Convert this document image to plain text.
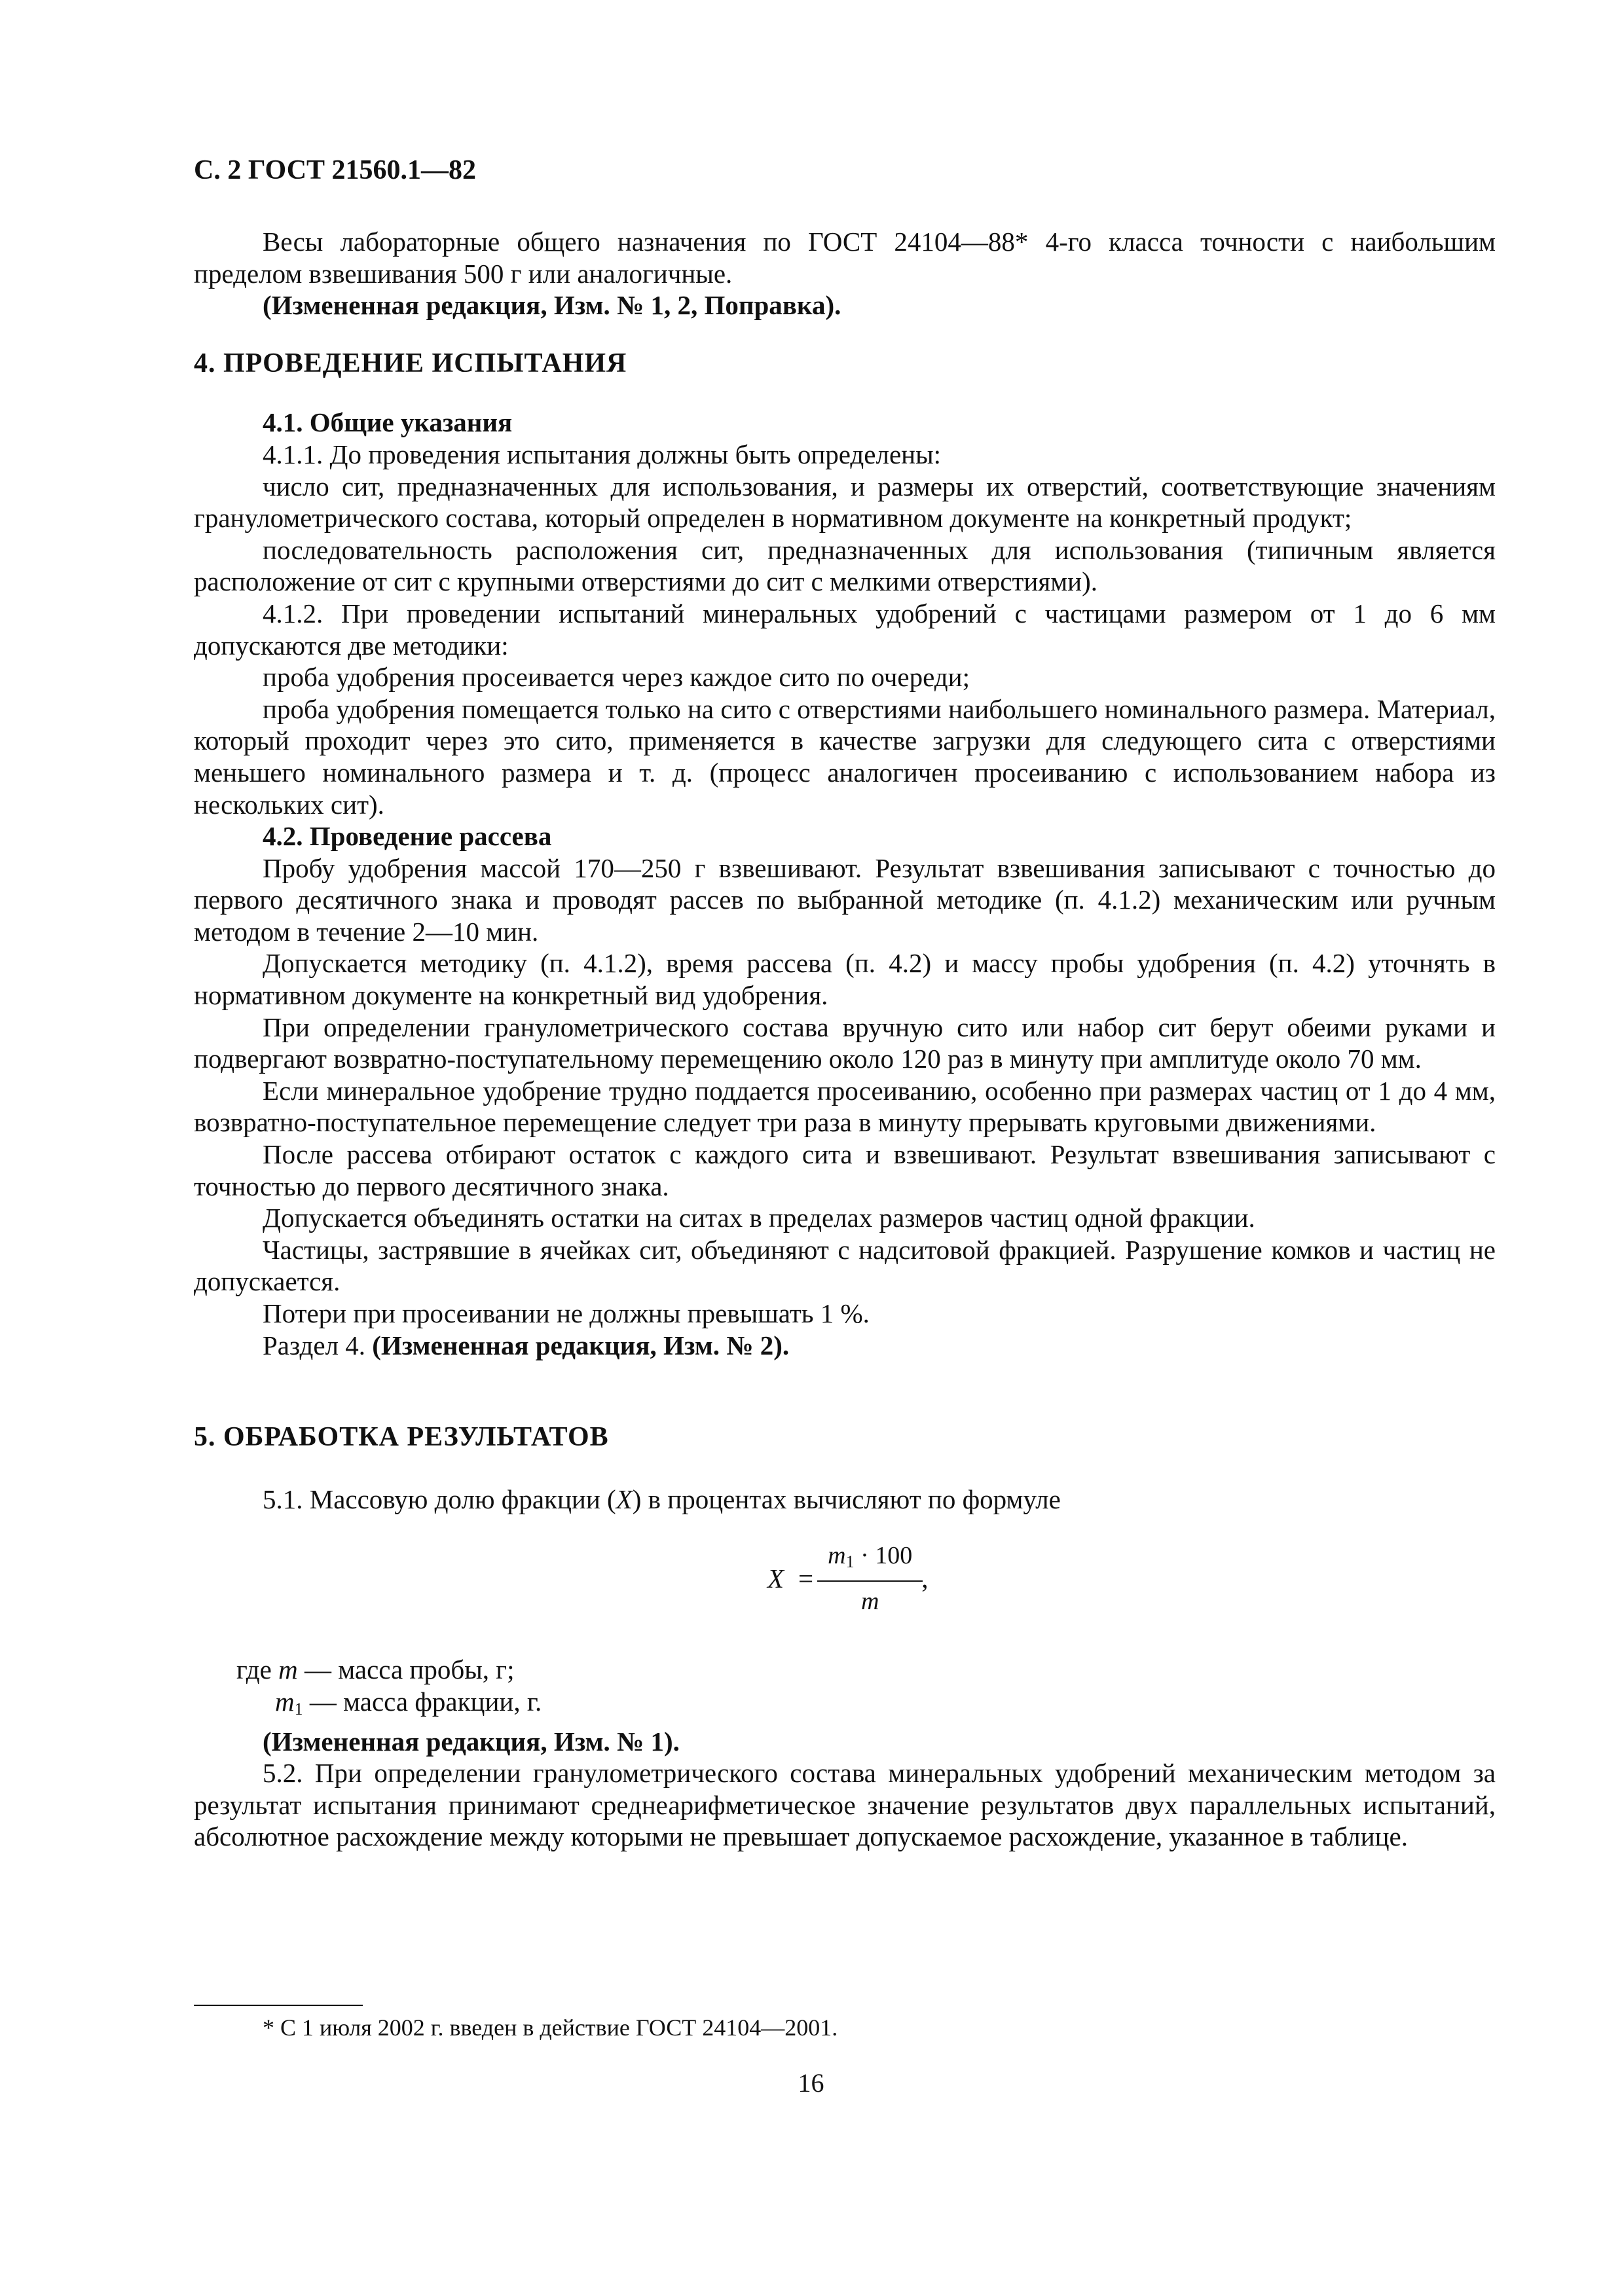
С. 2 ГОСТ 21560.1—82

Весы лабораторные общего назначения по ГОСТ 24104—88* 4-го класса точности с наибольшим пределом взвешивания 500 г или аналогичные.

(Измененная редакция, Изм. № 1, 2, Поправка).

4. ПРОВЕДЕНИЕ ИСПЫТАНИЯ

4.1. Общие указания

4.1.1. До проведения испытания должны быть определены:

число сит, предназначенных для использования, и размеры их отверстий, соответствующие значениям гранулометрического состава, который определен в нормативном документе на конкретный продукт;

последовательность расположения сит, предназначенных для использования (типичным является расположение от сит с крупными отверстиями до сит с мелкими отверстиями).

4.1.2. При проведении испытаний минеральных удобрений с частицами размером от 1 до 6 мм допускаются две методики:

проба удобрения просеивается через каждое сито по очереди;

проба удобрения помещается только на сито с отверстиями наибольшего номинального размера. Материал, который проходит через это сито, применяется в качестве загрузки для следующего сита с отверстиями меньшего номинального размера и т. д. (процесс аналогичен просеиванию с использованием набора из нескольких сит).

4.2. Проведение рассева

Пробу удобрения массой 170—250 г взвешивают. Результат взвешивания записывают с точностью до первого десятичного знака и проводят рассев по выбранной методике (п. 4.1.2) механическим или ручным методом в течение 2—10 мин.

Допускается методику (п. 4.1.2), время рассева (п. 4.2) и массу пробы удобрения (п. 4.2) уточнять в нормативном документе на конкретный вид удобрения.

При определении гранулометрического состава вручную сито или набор сит берут обеими руками и подвергают возвратно-поступательному перемещению около 120 раз в минуту при амплитуде около 70 мм.

Если минеральное удобрение трудно поддается просеиванию, особенно при размерах частиц от 1 до 4 мм, возвратно-поступательное перемещение следует три раза в минуту прерывать круговыми движениями.

После рассева отбирают остаток с каждого сита и взвешивают. Результат взвешивания записывают с точностью до первого десятичного знака.

Допускается объединять остатки на ситах в пределах размеров частиц одной фракции.

Частицы, застрявшие в ячейках сит, объединяют с надситовой фракцией. Разрушение комков и частиц не допускается.

Потери при просеивании не должны превышать 1 %.

Раздел 4. (Измененная редакция, Изм. № 2).

5. ОБРАБОТКА РЕЗУЛЬТАТОВ

5.1. Массовую долю фракции (X) в процентах вычисляют по формуле

$X = \frac{m_1 \cdot 100}{m}$ ,

где m — масса пробы, г;

$m_1$ — масса фракции, г.

(Измененная редакция, Изм. № 1).

5.2. При определении гранулометрического состава минеральных удобрений механическим методом за результат испытания принимают среднеарифметическое значение результатов двух параллельных испытаний, абсолютное расхождение между которыми не превышает допускаемое расхождение, указанное в таблице.

* С 1 июля 2002 г. введен в действие ГОСТ 24104—2001.
16
